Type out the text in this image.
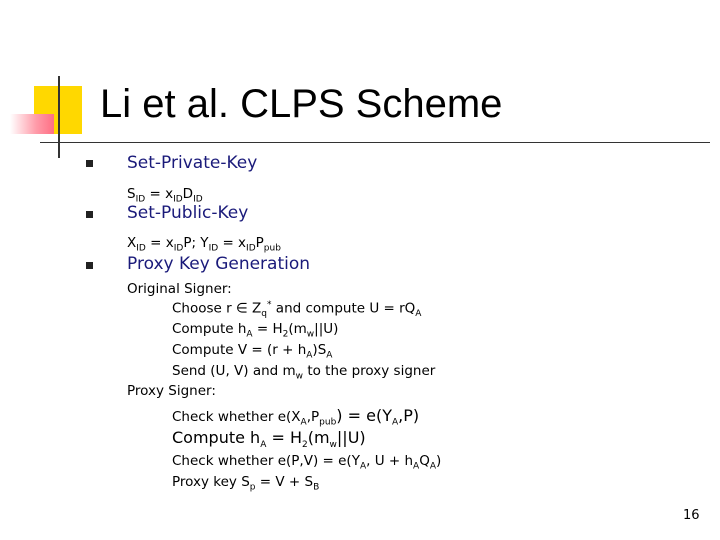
Li et al. CLPS Scheme
Set-Private-Key
$S_{ID} = x_{ID}D_{ID}$
Set-Public-Key
$X_{ID} = x_{ID}P$; $Y_{ID} = x_{ID}P_{pub}$
Proxy Key Generation
Original Signer:
Choose r ∈ $Z_q^*$ and compute $U = rQ_A$
Compute $h_A = H_2(m_w||U)$
Compute $V = (r + h_A)S_A$
Send (U, V) and $m_w$ to the proxy signer
Proxy Signer:
Check whether $e(X_A,P_{pub}) = e(Y_A,P)$
Compute $h_A = H_2(m_w||U)$
Check whether $e(P,V) = e(Y_A$, $U + h_AQ_A$)
Proxy key $S_p = V + S_B$
16
